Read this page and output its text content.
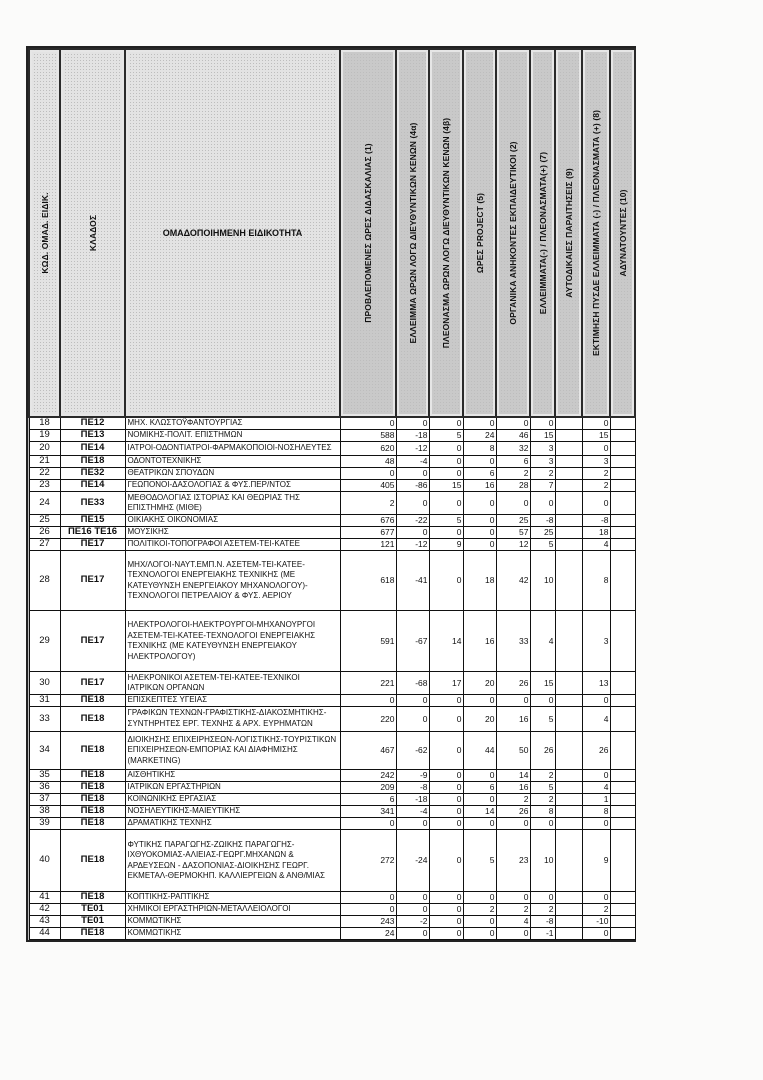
ΚΩΔ. ΟΜΑΔ. ΕΙΔΙΚ.	ΚΛΑΔΟΣ	ΟΜΑΔΟΠΟΙΗΜΕΝΗ ΕΙΔΙΚΟΤΗΤΑ	ΠΡΟΒΛΕΠΟΜΕΝΕΣ ΩΡΕΣ ΔΙΔΑΣΚΑΛΙΑΣ (1)	ΕΛΛΕΙΜΜΑ ΩΡΩΝ ΛΟΓΩ ΔΙΕΥΘΥΝΤΙΚΩΝ ΚΕΝΩΝ (4α)	ΠΛΕΟΝΑΣΜΑ ΩΡΩΝ ΛΟΓΩ ΔΙΕΥΘΥΝΤΙΚΩΝ ΚΕΝΩΝ (4β)	ΩΡΕΣ PROJECT (5)	ΟΡΓΑΝΙΚΑ ΑΝΗΚΟΝΤΕΣ ΕΚΠΑΙΔΕΥΤΙΚΟΙ (2)	ΕΛΛΕΙΜΜΑΤΑ(-) / ΠΛΕΟΝΑΣΜΑΤΑ(+) (7)	ΑΥΤΟΔΙΚΑΙΕΣ ΠΑΡΑΙΤΗΣΕΙΣ (9)	ΕΚΤΙΜΗΣΗ ΠΥΣΔΕ ΕΛΛΕΙΜΜΑΤΑ (-) / ΠΛΕΟΝΑΣΜΑΤΑ (+) (8)	ΑΔΥΝΑΤΟΥΝΤΕΣ (10)

18	ΠΕ12	ΜΗΧ. ΚΛΩΣΤΟΫΦΑΝΤΟΥΡΓΙΑΣ	0	0	0	0	0	0		0	
19	ΠΕ13	ΝΟΜΙΚΗΣ-ΠΟΛΙΤ. ΕΠΙΣΤΗΜΩΝ	588	-18	5	24	46	15		15	
20	ΠΕ14	ΙΑΤΡΟΙ-ΟΔΟΝΤΙΑΤΡΟΙ-ΦΑΡΜΑΚΟΠΟΙΟΙ-ΝΟΣΗΛΕΥΤΕΣ	620	-12	0	8	32	3		0	
21	ΠΕ18	ΟΔΟΝΤΟΤΕΧΝΙΚΗΣ	48	-4	0	0	6	3		3	
22	ΠΕ32	ΘΕΑΤΡΙΚΩΝ ΣΠΟΥΔΩΝ	0	0	0	6	2	2		2	
23	ΠΕ14	ΓΕΩΠΟΝΟΙ-ΔΑΣΟΛΟΓΙΑΣ & ΦΥΣ.ΠΕΡ/ΝΤΟΣ	405	-86	15	16	28	7		2	
24	ΠΕ33	ΜΕΘΟΔΟΛΟΓΙΑΣ ΙΣΤΟΡΙΑΣ ΚΑΙ ΘΕΩΡΙΑΣ ΤΗΣ ΕΠΙΣΤΗΜΗΣ (ΜΙΘΕ)	2	0	0	0	0	0		0	
25	ΠΕ15	ΟΙΚΙΑΚΗΣ ΟΙΚΟΝΟΜΙΑΣ	676	-22	5	0	25	-8		-8	
26	ΠΕ16 ΤΕ16	ΜΟΥΣΙΚΗΣ	677	0	0	0	57	25		18	
27	ΠΕ17	ΠΟΛΙΤΙΚΟΙ-ΤΟΠΟΓΡΑΦΟΙ ΑΣΕΤΕΜ-ΤΕΙ-ΚΑΤΕΕ	121	-12	9	0	12	5		4	
28	ΠΕ17	ΜΗΧ/ΛΟΓΟΙ-ΝΑΥΤ.ΕΜΠ.Ν. ΑΣΕΤΕΜ-ΤΕΙ-ΚΑΤΕΕ-ΤΕΧΝΟΛΟΓΟΙ ΕΝΕΡΓΕΙΑΚΗΣ ΤΕΧΝΙΚΗΣ (ΜΕ ΚΑΤΕΥΘΥΝΣΗ ΕΝΕΡΓΕΙΑΚΟΥ ΜΗΧΑΝΟΛΟΓΟΥ)-ΤΕΧΝΟΛΟΓΟΙ ΠΕΤΡΕΛΑΙΟΥ & ΦΥΣ. ΑΕΡΙΟΥ	618	-41	0	18	42	10		8	
29	ΠΕ17	ΗΛΕΚΤΡΟΛΟΓΟΙ-ΗΛΕΚΤΡΟΥΡΓΟΙ-ΜΗΧΑΝΟΥΡΓΟΙ ΑΣΕΤΕΜ-ΤΕΙ-ΚΑΤΕΕ-ΤΕΧΝΟΛΟΓΟΙ ΕΝΕΡΓΕΙΑΚΗΣ ΤΕΧΝΙΚΗΣ (ΜΕ ΚΑΤΕΥΘΥΝΣΗ ΕΝΕΡΓΕΙΑΚΟΥ ΗΛΕΚΤΡΟΛΟΓΟΥ)	591	-67	14	16	33	4		3	
30	ΠΕ17	ΗΛΕΚΡΟΝΙΚΟΙ ΑΣΕΤΕΜ-ΤΕΙ-ΚΑΤΕΕ-ΤΕΧΝΙΚΟΙ ΙΑΤΡΙΚΩΝ ΟΡΓΑΝΩΝ	221	-68	17	20	26	15		13	
31	ΠΕ18	ΕΠΙΣΚΕΠΤΕΣ ΥΓΕΙΑΣ	0	0	0	0	0	0		0	
33	ΠΕ18	ΓΡΑΦΙΚΩΝ ΤΕΧΝΩΝ-ΓΡΑΦΙΣΤΙΚΗΣ-ΔΙΑΚΟΣΜΗΤΙΚΗΣ-ΣΥΝΤΗΡΗΤΕΣ ΕΡΓ. ΤΕΧΝΗΣ & ΑΡΧ. ΕΥΡΗΜΑΤΩΝ	220	0	0	20	16	5		4	
34	ΠΕ18	ΔΙΟΙΚΗΣΗΣ ΕΠΙΧΕΙΡΗΣΕΩΝ-ΛΟΓΙΣΤΙΚΗΣ-ΤΟΥΡΙΣΤΙΚΩΝ ΕΠΙΧΕΙΡΗΣΕΩΝ-ΕΜΠΟΡΙΑΣ ΚΑΙ ΔΙΑΦΗΜΙΣΗΣ (MARKETING)	467	-62	0	44	50	26		26	
35	ΠΕ18	ΑΙΣΘΗΤΙΚΗΣ	242	-9	0	0	14	2		0	
36	ΠΕ18	ΙΑΤΡΙΚΩΝ ΕΡΓΑΣΤΗΡΙΩΝ	209	-8	0	6	16	5		4	
37	ΠΕ18	ΚΟΙΝΩΝΙΚΗΣ ΕΡΓΑΣΙΑΣ	6	-18	0	0	2	2		1	
38	ΠΕ18	ΝΟΣΗΛΕΥΤΙΚΗΣ-ΜΑΙΕΥΤΙΚΗΣ	341	-4	0	14	26	8		8	
39	ΠΕ18	ΔΡΑΜΑΤΙΚΗΣ ΤΕΧΝΗΣ	0	0	0	0	0	0		0	
40	ΠΕ18	ΦΥΤΙΚΗΣ ΠΑΡΑΓΩΓΗΣ-ΖΩΙΚΗΣ ΠΑΡΑΓΩΓΗΣ-ΙΧΘΥΟΚΟΜΙΑΣ-ΑΛΙΕΙΑΣ-ΓΕΩΡΓ.ΜΗΧΑΝΩΝ & ΑΡΔΕΥΣΕΩΝ - ΔΑΣΟΠΟΝΙΑΣ-ΔΙΟΙΚΗΣΗΣ ΓΕΩΡΓ. ΕΚΜΕΤΑΛ-ΘΕΡΜΟΚΗΠ. ΚΑΛΛΙΕΡΓΕΙΩΝ & ΑΝΘ/ΜΙΑΣ	272	-24	0	5	23	10		9	
41	ΠΕ18	ΚΟΠΤΙΚΗΣ-ΡΑΠΤΙΚΗΣ	0	0	0	0	0	0		0	
42	ΤΕ01	ΧΗΜΙΚΟΙ ΕΡΓΑΣΤΗΡΙΩΝ-ΜΕΤΑΛΛΕΙΟΛΟΓΟΙ	0	0	0	2	2	2		2	
43	ΤΕ01	ΚΟΜΜΩΤΙΚΗΣ	243	-2	0	0	4	-8		-10	
44	ΠΕ18	ΚΟΜΜΩΤΙΚΗΣ	24	0	0	0	0	-1		0	
